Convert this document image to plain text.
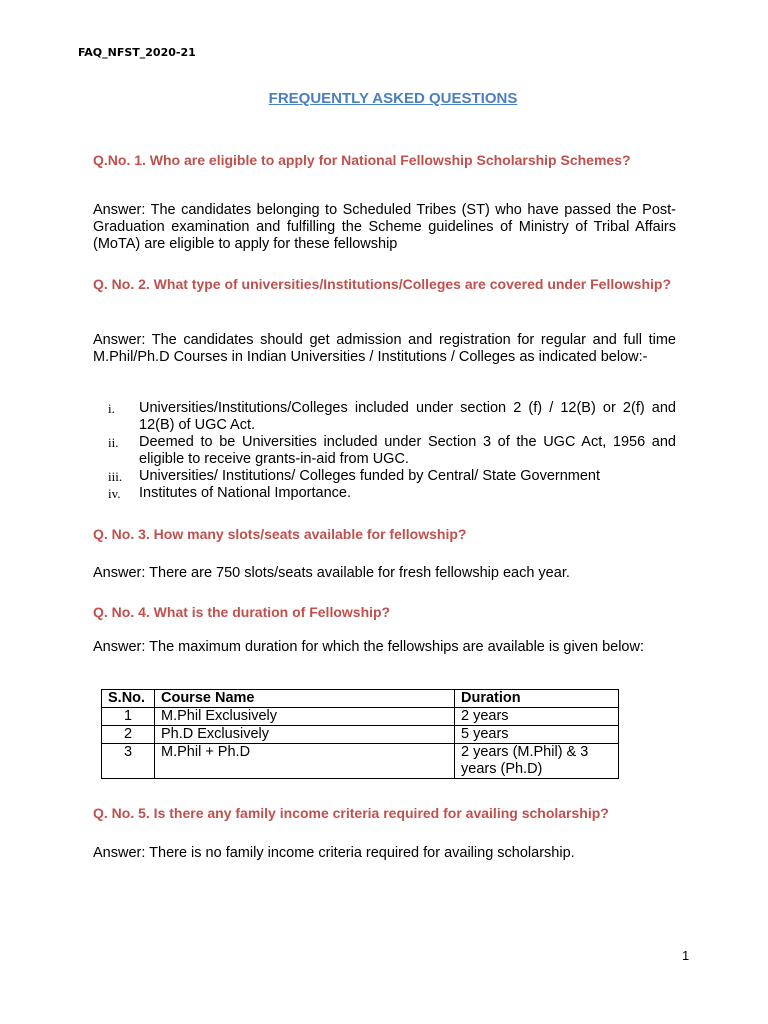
FAQ_NFST_2020-21
FREQUENTLY ASKED QUESTIONS
Q.No. 1. Who are eligible to apply for National Fellowship Scholarship Schemes?
Answer: The candidates belonging to Scheduled Tribes (ST) who have passed the Post-Graduation examination and fulfilling the Scheme guidelines of Ministry of Tribal Affairs (MoTA) are eligible to apply for these fellowship
Q. No. 2. What type of universities/Institutions/Colleges are covered under Fellowship?
Answer: The candidates should get admission and registration for regular and full time M.Phil/Ph.D Courses in Indian Universities / Institutions / Colleges as indicated below:-
i.	Universities/Institutions/Colleges included under section 2 (f) / 12(B) or 2(f) and 12(B) of UGC Act.
ii.	Deemed to be Universities included under Section 3 of the UGC Act, 1956 and eligible to receive grants-in-aid from UGC.
iii.	Universities/ Institutions/ Colleges funded by Central/ State Government
iv.	Institutes of National Importance.
Q. No. 3. How many slots/seats available for fellowship?
Answer: There are 750 slots/seats available for fresh fellowship each year.
Q. No. 4. What is the duration of Fellowship?
Answer: The maximum duration for which the fellowships are available is given below:
S.No.	Course Name	Duration
1	M.Phil Exclusively	2 years
2	Ph.D Exclusively	5 years
3	M.Phil + Ph.D	2 years (M.Phil) & 3 years (Ph.D)
Q. No. 5. Is there any family income criteria required for availing scholarship?
Answer: There is no family income criteria required for availing scholarship.
1
